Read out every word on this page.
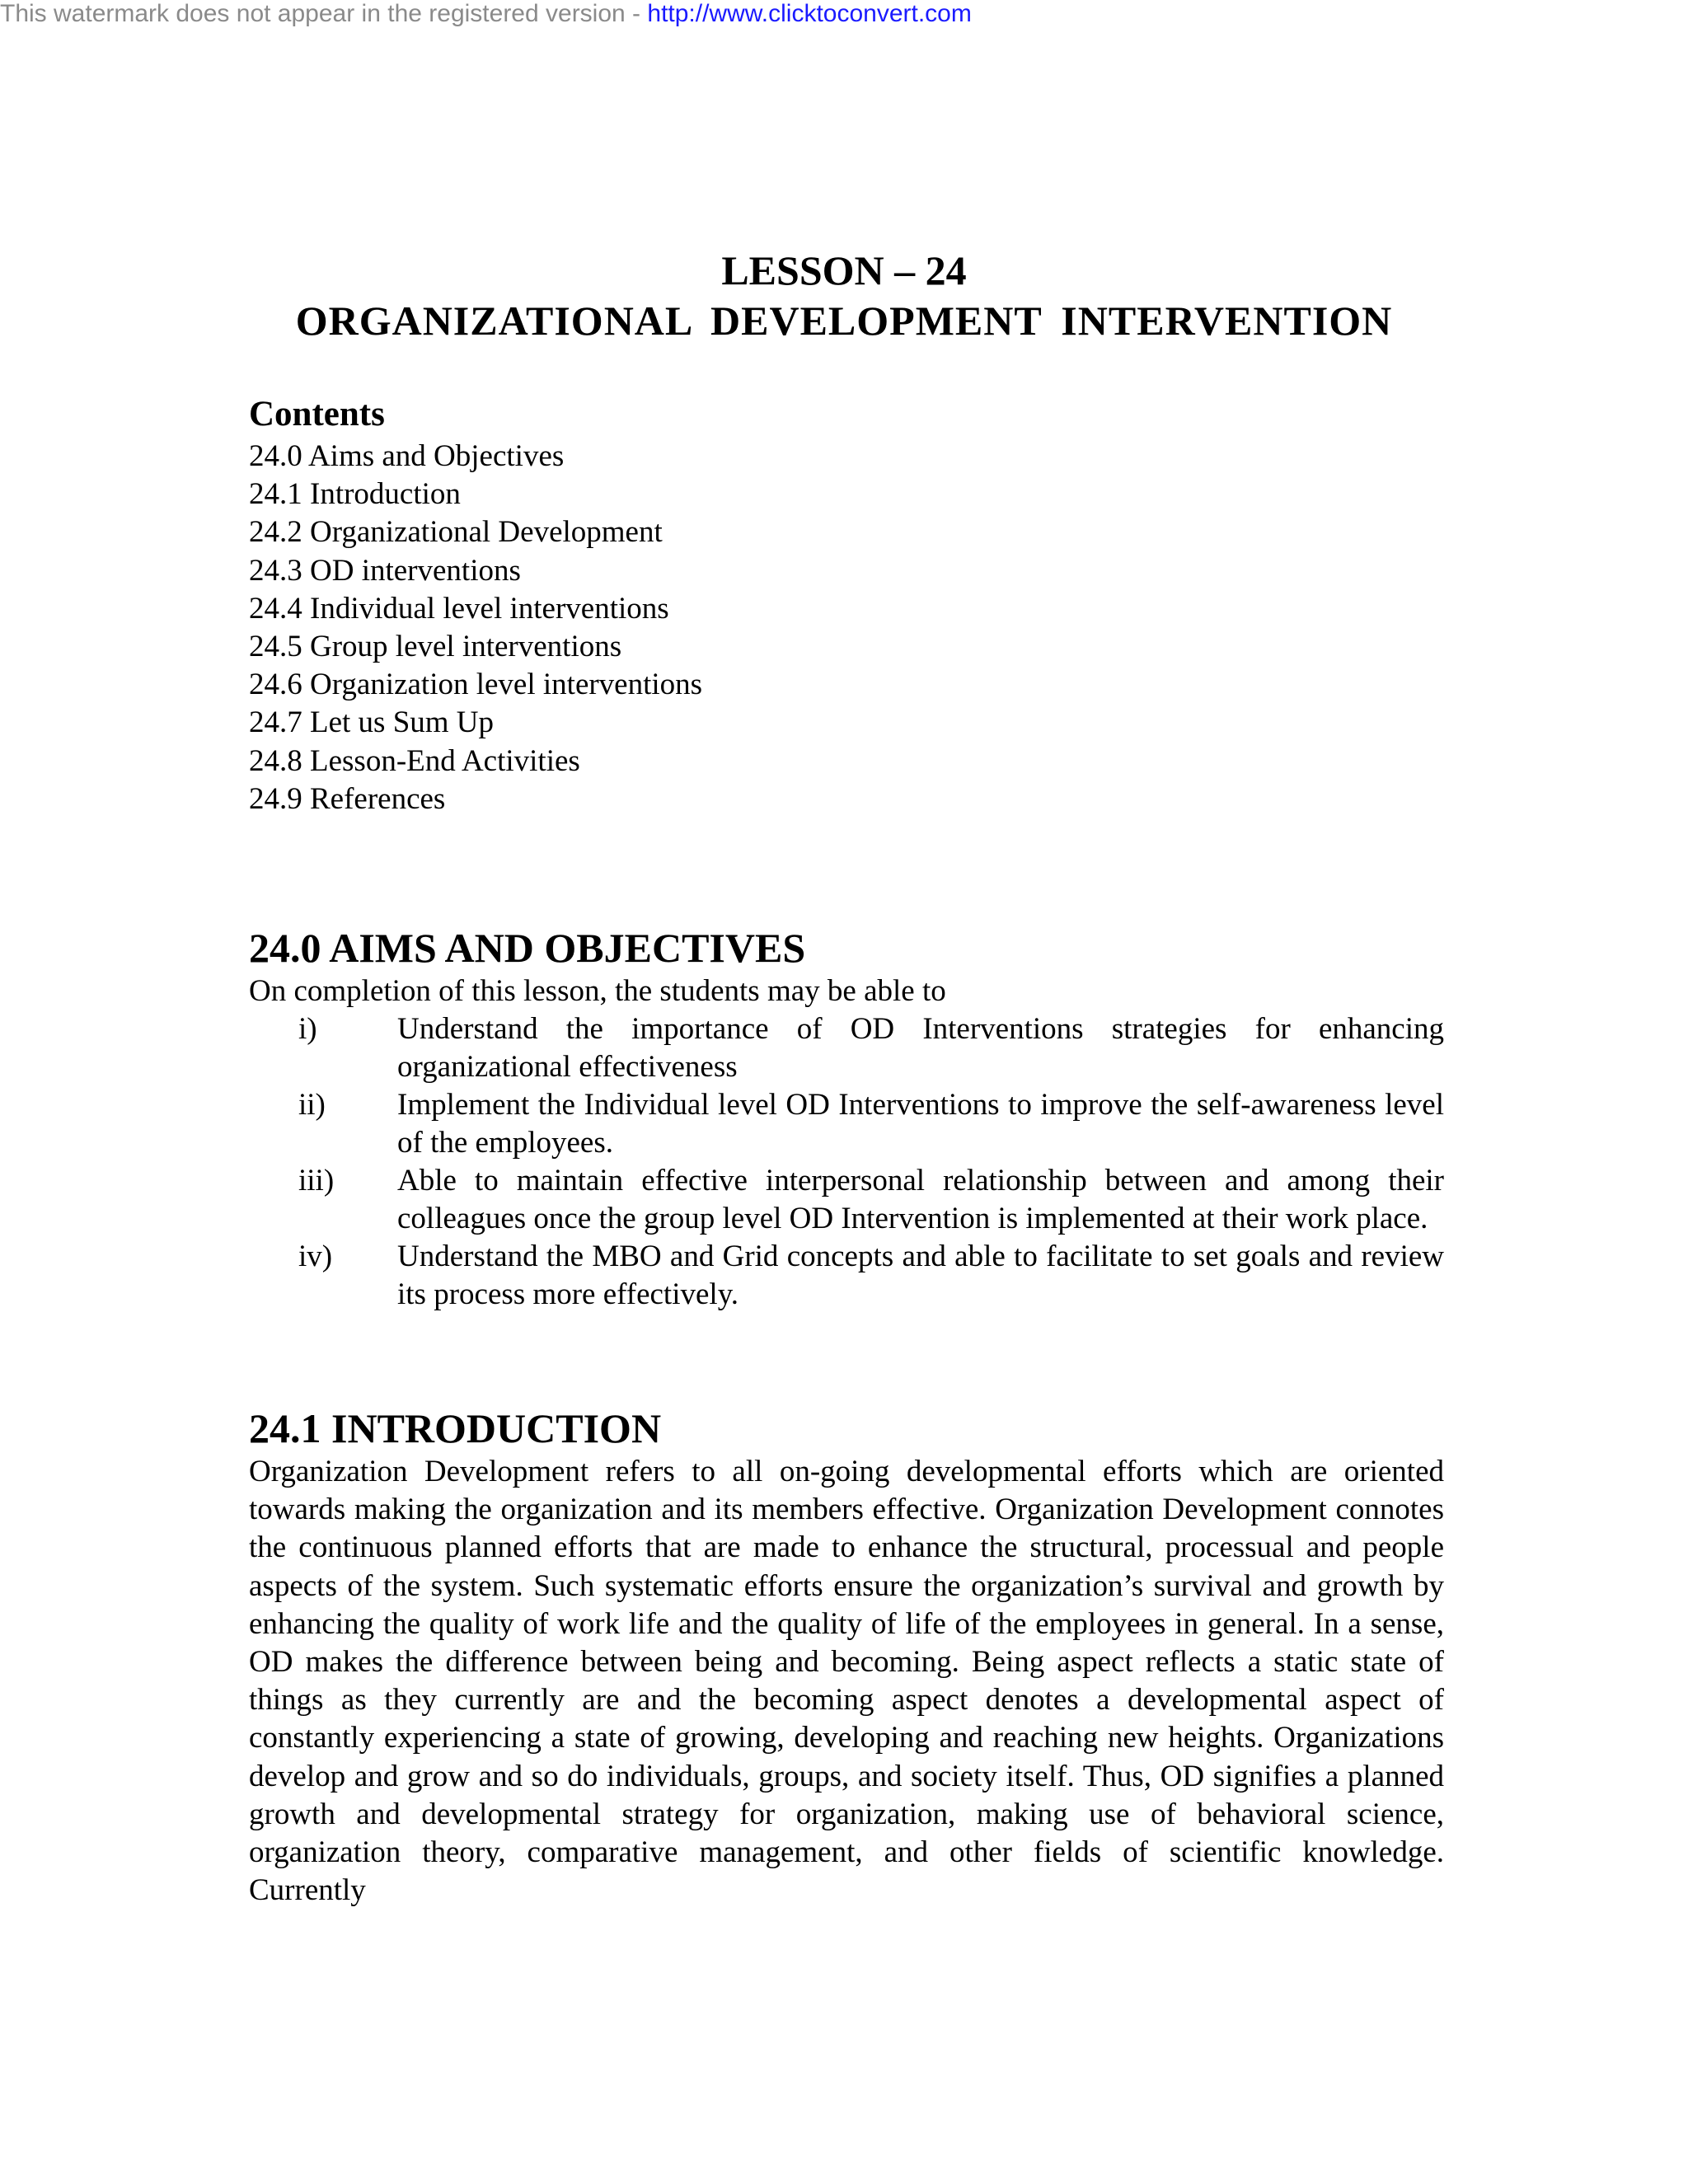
This watermark does not appear in the registered version - http://www.clicktoconvert.com
LESSON – 24
ORGANIZATIONAL DEVELOPMENT INTERVENTION
Contents
24.0 Aims and Objectives
24.1 Introduction
24.2 Organizational Development
24.3 OD interventions
24.4 Individual level interventions
24.5 Group level interventions
24.6 Organization level interventions
24.7 Let us Sum Up
24.8 Lesson-End Activities
24.9 References
24.0 AIMS AND OBJECTIVES
On completion of this lesson, the students may be able to
i)	Understand the importance of OD Interventions strategies for enhancing organizational effectiveness
ii) Implement the Individual level OD Interventions to improve the self-awareness level of the employees.
iii) Able to maintain effective interpersonal relationship between and among their colleagues once the group level OD Intervention is implemented at their work place.
iv) Understand the MBO and Grid concepts and able to facilitate to set goals and review its process more effectively.
24.1 INTRODUCTION

Organization Development refers to all on-going developmental efforts which are oriented towards making the organization and its members effective. Organization Development connotes the continuous planned efforts that are made to enhance the structural, processual and people aspects of the system. Such systematic efforts ensure the organization’s survival and growth by enhancing the quality of work life and the quality of life of the employees in general. In a sense, OD makes the difference between being and becoming. Being aspect reflects a static state of things as they currently are and the becoming aspect denotes a developmental aspect of constantly experiencing a state of growing, developing and reaching new heights. Organizations develop and grow and so do individuals, groups, and society itself. Thus, OD signifies a planned growth and developmental strategy for organization, making use of behavioral science, organization theory, comparative management, and other fields of scientific knowledge. Currently
